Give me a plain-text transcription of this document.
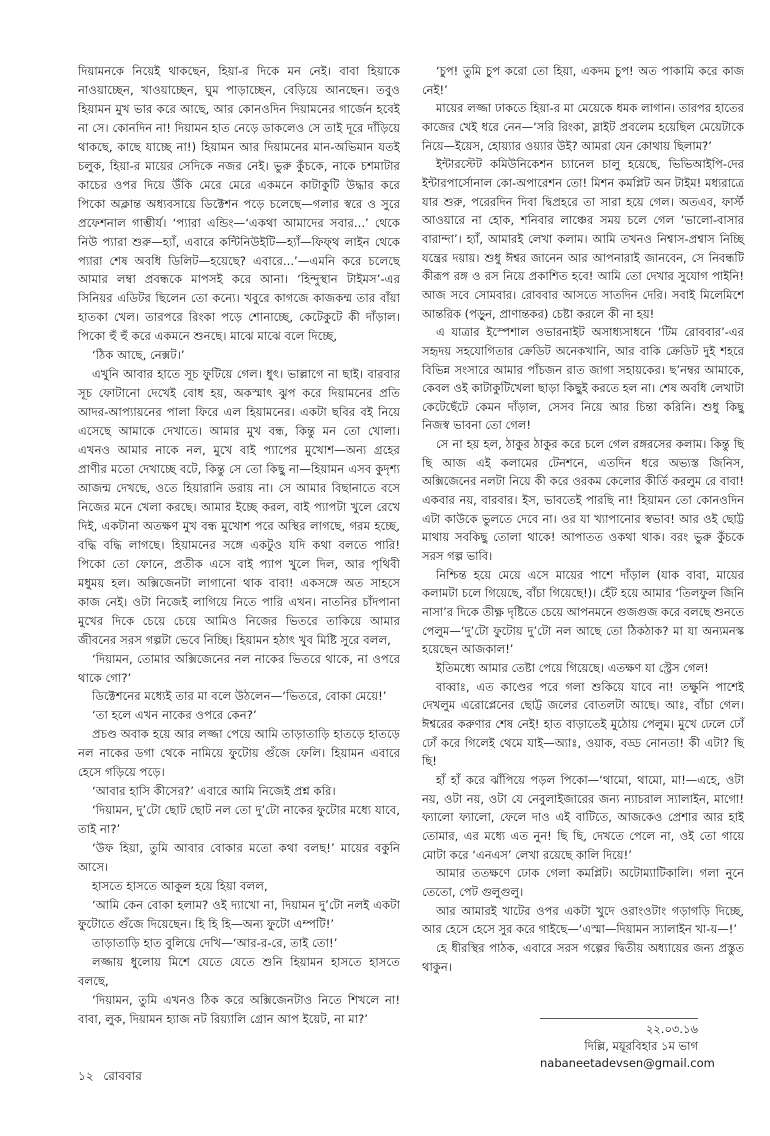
দিয়ামনকে নিয়েই থাকছেন, হিয়া-র দিকে মন নেই। বাবা হিয়াকে নাওয়াচ্ছেন, খাওয়াচ্ছেন, ঘুম পাড়াচ্ছেন, বেড়িয়ে আনছেন। তবুও হিয়ামন মুখ ভার করে আছে, আর কোনওদিন দিয়ামনের গার্জেন হবেই না সে। কোনদিন না! দিয়ামন হাত নেড়ে ডাকলেও সে তাই দূরে দাঁড়িয়ে থাকছে, কাছে যাচ্ছে না!) হিয়ামন আর দিয়ামনের মান-অভিমান যতই চলুক, হিয়া-র মায়ের সেদিকে নজর নেই। ভুরু কুঁচকে, নাকে চশমাটার কাচের ওপর দিয়ে উঁকি মেরে মেরে একমনে কাটাকুটি উদ্ধার করে পিকো অক্লান্ত অধ্যবসায়ে ডিক্টেশন পড়ে চলেছে—গলার স্বরে ও সুরে প্রফেশনাল গাম্ভীর্য। ‘প্যারা এন্ডিং—‘একথা আমাদের সবার...’ থেকে নিউ প্যারা শুরু—হ্যাঁ, এবারে কন্টিনিউইটি—হ্যাঁ—ফিফ্থ লাইন থেকে প্যারা শেষ অবধি ডিলিট—হয়েছে? এবারে...’—এমনি করে চলেছে আমার লম্বা প্রবন্ধকে মাপসই করে আনা। ‘হিন্দুস্থান টাইমস’-এর সিনিয়র এডিটর ছিলেন তো কন্যে। খবুরে কাগজে কাজকম্ম তার বাঁয়া হাতকা খেল। তারপরে রিংকা পড়ে শোনাচ্ছে, কেটেকুটে কী দাঁড়াল। পিকো হুঁ হুঁ করে একমনে শুনছে। মাঝে মাঝে বলে দিচ্ছে,

‘ঠিক আছে, নেক্সট।’

এখুনি আবার হাতে সূচ ফুটিয়ে গেল। ধুৎ। ভাল্লাগে না ছাই। বারবার সূচ ফোটানো দেখেই বোধ হয়, অকস্মাৎ ঝুপ করে দিয়ামনের প্রতি আদর-আপ্যায়নের পালা ফিরে এল হিয়ামনের। একটা ছবির বই নিয়ে এসেছে আমাকে দেখাতে। আমার মুখ বন্ধ, কিন্তু মন তো খোলা। এখনও আমার নাকে নল, মুখে বাই প্যাপের মুখোশ—অন্য গ্রহের প্রাণীর মতো দেখাচ্ছে বটে, কিন্তু সে তো কিছু না—হিয়ামন এসব কুদৃশ্য আজন্ম দেখছে, ওতে হিয়ারানি ডরায় না। সে আমার বিছানাতে বসে নিজের মনে খেলা করছে। আমার ইচ্ছে করল, বাই প্যাপটা খুলে রেখে দিই, একটানা অতক্ষণ মুখ বন্ধ মুখোশ পরে অস্থির লাগছে, গরম হচ্ছে, বদ্ধি বদ্ধি লাগছে। হিয়ামনের সঙ্গে একটুও যদি কথা বলতে পারি! পিকো তো ফোনে, প্রতীক এসে বাই প্যাপ খুলে দিল, আর পৃথিবী মধুময় হল। অক্সিজেনটা লাগানো থাক বাবা! একসঙ্গে অত সাহসে কাজ নেই। ওটা নিজেই লাগিয়ে নিতে পারি এখন। নাতনির চাঁদপানা মুখের দিকে চেয়ে চেয়ে আমিও নিজের ভিতরে তাকিয়ে আমার জীবনের সরস গল্পটা ভেবে নিচ্ছি। হিয়ামন হঠাৎ খুব মিষ্টি সুরে বলল,

‘দিয়ামন, তোমার অক্সিজেনের নল নাকের ভিতরে থাকে, না ওপরে থাকে গো?’

ডিক্টেশনের মধ্যেই তার মা বলে উঠলেন—‘ভিতরে, বোকা মেয়ে!’

‘তা হলে এখন নাকের ওপরে কেন?’

প্রচণ্ড অবাক হয়ে আর লজ্জা পেয়ে আমি তাড়াতাড়ি হাতড়ে হাতড়ে নল নাকের ডগা থেকে নামিয়ে ফুটোয় গুঁজে ফেলি। হিয়ামন এবারে হেসে গড়িয়ে পড়ে।

‘আবার হাসি কীসের?’ এবারে আমি নিজেই প্রশ্ন করি।

‘দিয়ামন, দু’টো ছোট ছোট নল তো দু’টো নাকের ফুটোর মধ্যে যাবে, তাই না?’

‘উফ হিয়া, তুমি আবার বোকার মতো কথা বলছ!’ মায়ের বকুনি আসে।

হাসতে হাসতে আকুল হয়ে হিয়া বলল,

‘আমি কেন বোকা হলাম? ওই দ্যাখো না, দিয়ামন দু’টো নলই একটা ফুটোতে গুঁজে দিয়েছেন। হি হি হি—অন্য ফুটো এম্পটি!’

তাড়াতাড়ি হাত বুলিয়ে দেখি—‘আর-র-রে, তাই তো!’

লজ্জায় ধুলোয় মিশে যেতে যেতে শুনি হিয়ামন হাসতে হাসতে বলছে,

‘দিয়ামন, তুমি এখনও ঠিক করে অক্সিজেনটাও নিতে শিখলে না! বাবা, লুক, দিয়ামন হ্যাজ নট রিয়্যালি গ্রোন আপ ইয়েট, না মা?’

‘চুপ! তুমি চুপ করো তো হিয়া, একদম চুপ! অত পাকামি করে কাজ নেই!’

মায়ের লজ্জা ঢাকতে হিয়া-র মা মেয়েকে ধমক লাগান। তারপর হাতের কাজের খেই ধরে নেন—‘সরি রিংকা, স্লাইট প্রবলেম হয়েছিল মেয়েটাকে নিয়ে—ইয়েস, হোয়্যার ওয়্যার উই? আমরা যেন কোথায় ছিলাম?’

ইন্টারস্টেট কমিউনিকেশন চ্যানেল চালু হয়েছে, ভিভিআইপি-দের ইন্টারপার্সোনাল কো-অপারেশন তো! মিশন কমপ্লিট অন টাইম! মধ্যরাত্রে যার শুরু, পরেরদিন দিবা দ্বিপ্রহরে তা সারা হয়ে গেল। অতএব, ফার্স্ট আওয়ারে না হোক, শনিবার লাঞ্চের সময় চলে গেল ‘ভালো-বাসার বারান্দা’। হ্যাঁ, আমারই লেখা কলাম। আমি তখনও নিশ্বাস-প্রশ্বাস নিচ্ছি যন্ত্রের দয়ায়। শুধু ঈশ্বর জানেন আর আপনারাই জানবেন, সে নিবন্ধটি কীরূপ রঙ্গ ও রস নিয়ে প্রকাশিত হবে! আমি তো দেখার সুযোগ পাইনি! আজ সবে সোমবার। রোববার আসতে সাতদিন দেরি। সবাই মিলেমিশে আন্তরিক (পড়ুন, প্রাণান্তকর) চেষ্টা করলে কী না হয়!

এ যাত্রার ইস্পেশাল ওভারনাইট অসাধ্যসাধনে ‘টিম রোববার’-এর সহৃদয় সহযোগিতার ক্রেডিট অনেকখানি, আর বাকি ক্রেডিট দুই শহরে বিভিন্ন সংসারে আমার পাঁচজন রাত জাগা সহায়কের। ছ’নম্বর আমাকে, কেবল ওই কাটাকুটিখেলা ছাড়া কিছুই করতে হল না। শেষ অবধি লেখাটা কেটেছেঁটে কেমন দাঁড়াল, সেসব নিয়ে আর চিন্তা করিনি। শুধু কিছু নিজস্ব ভাবনা তো গেল!

সে না হয় হল, ঠাকুর ঠাকুর করে চলে গেল রঙ্গরসের কলাম। কিন্তু ছি ছি আজ এই কলামের টেনশনে, এতদিন ধরে অভ্যস্ত জিনিস, অক্সিজেনের নলটা নিয়ে কী করে ওরকম কেলোর কীর্তি করলুম রে বাবা! একবার নয়, বারবার। ইস, ভাবতেই পারছি না! হিয়ামন তো কোনওদিন এটা কাউকে ভুলতে দেবে না। ওর যা খ্যাপানোর স্বভাব! আর ওই ছোট্ট মাথায় সবকিছু তোলা থাকে! আপাতত ওকথা থাক। বরং ভুরু কুঁচকে সরস গল্প ভাবি।

নিশ্চিন্ত হয়ে মেয়ে এসে মায়ের পাশে দাঁড়াল (যাক বাবা, মায়ের কলামটা চলে গিয়েছে, বাঁচা গিয়েছে!)। হেঁট হয়ে আমার ‘তিলফুল জিনি নাসা’র দিকে তীক্ষ্ণ দৃষ্টিতে চেয়ে আপনমনে গুজগুজ করে বলছে শুনতে পেলুম—‘দু’টো ফুটোয় দু’টো নল আছে তো ঠিকঠাক? মা যা অন্যমনস্ক হয়েছেন আজকাল!’

ইতিমধ্যে আমার তেষ্টা পেয়ে গিয়েছে। এতক্ষণ যা স্ট্রেস গেল!

বাব্বাঃ, এত কাণ্ডের পরে গলা শুকিয়ে যাবে না! তক্ষুনি পাশেই দেখলুম এরোপ্লেনের ছোট্ট জলের বোতলটা আছে। আঃ, বাঁচা গেল। ঈশ্বরের করুণার শেষ নেই! হাত বাড়াতেই মুঠোয় পেলুম। মুখে ঢেলে ঢোঁ ঢোঁ করে গিলেই থেমে যাই—অ্যাঃ, ওয়াক, বড্ড নোনতা! কী এটা? ছি ছি!

হাঁ হাঁ করে ঝাঁপিয়ে পড়ল পিকো—‘থামো, থামো, মা!—এহে, ওটা নয়, ওটা নয়, ওটা যে নেবুলাইজারের জন্য ন্যাচরাল স্যালাইন, মাগো! ফ্যালো ফ্যালো, ফেলে দাও এই বাটিতে, আজকেও প্রেশার আর হাই তোমার, এর মধ্যে এত নুন! ছি ছি, দেখতে পেলে না, ওই তো গায়ে মোটা করে ‘এনএস’ লেখা রয়েছে কালি দিয়ে!’

আমার ততক্ষণে ঢোক গেলা কমপ্লিট। অটোম্যাটিকালি। গলা নুনে তেতো, পেট গুলুগুলু।

আর আমারই খাটের ওপর একটা খুদে ওরাংওটাং গড়াগড়ি দিচ্ছে, আর হেসে হেসে সুর করে গাইছে—‘এস্মা—দিয়ামন স্যালাইন খা-য়—!’

হে ধীরস্থির পাঠক, এবারে সরস গল্পের দ্বিতীয় অধ্যায়ের জন্য প্রস্তুত থাকুন।

২২.০৩.১৬
দিল্লি, ময়ূরবিহার ১ম ভাগ
nabaneetadevsen@gmail.com
১২ রোববার
